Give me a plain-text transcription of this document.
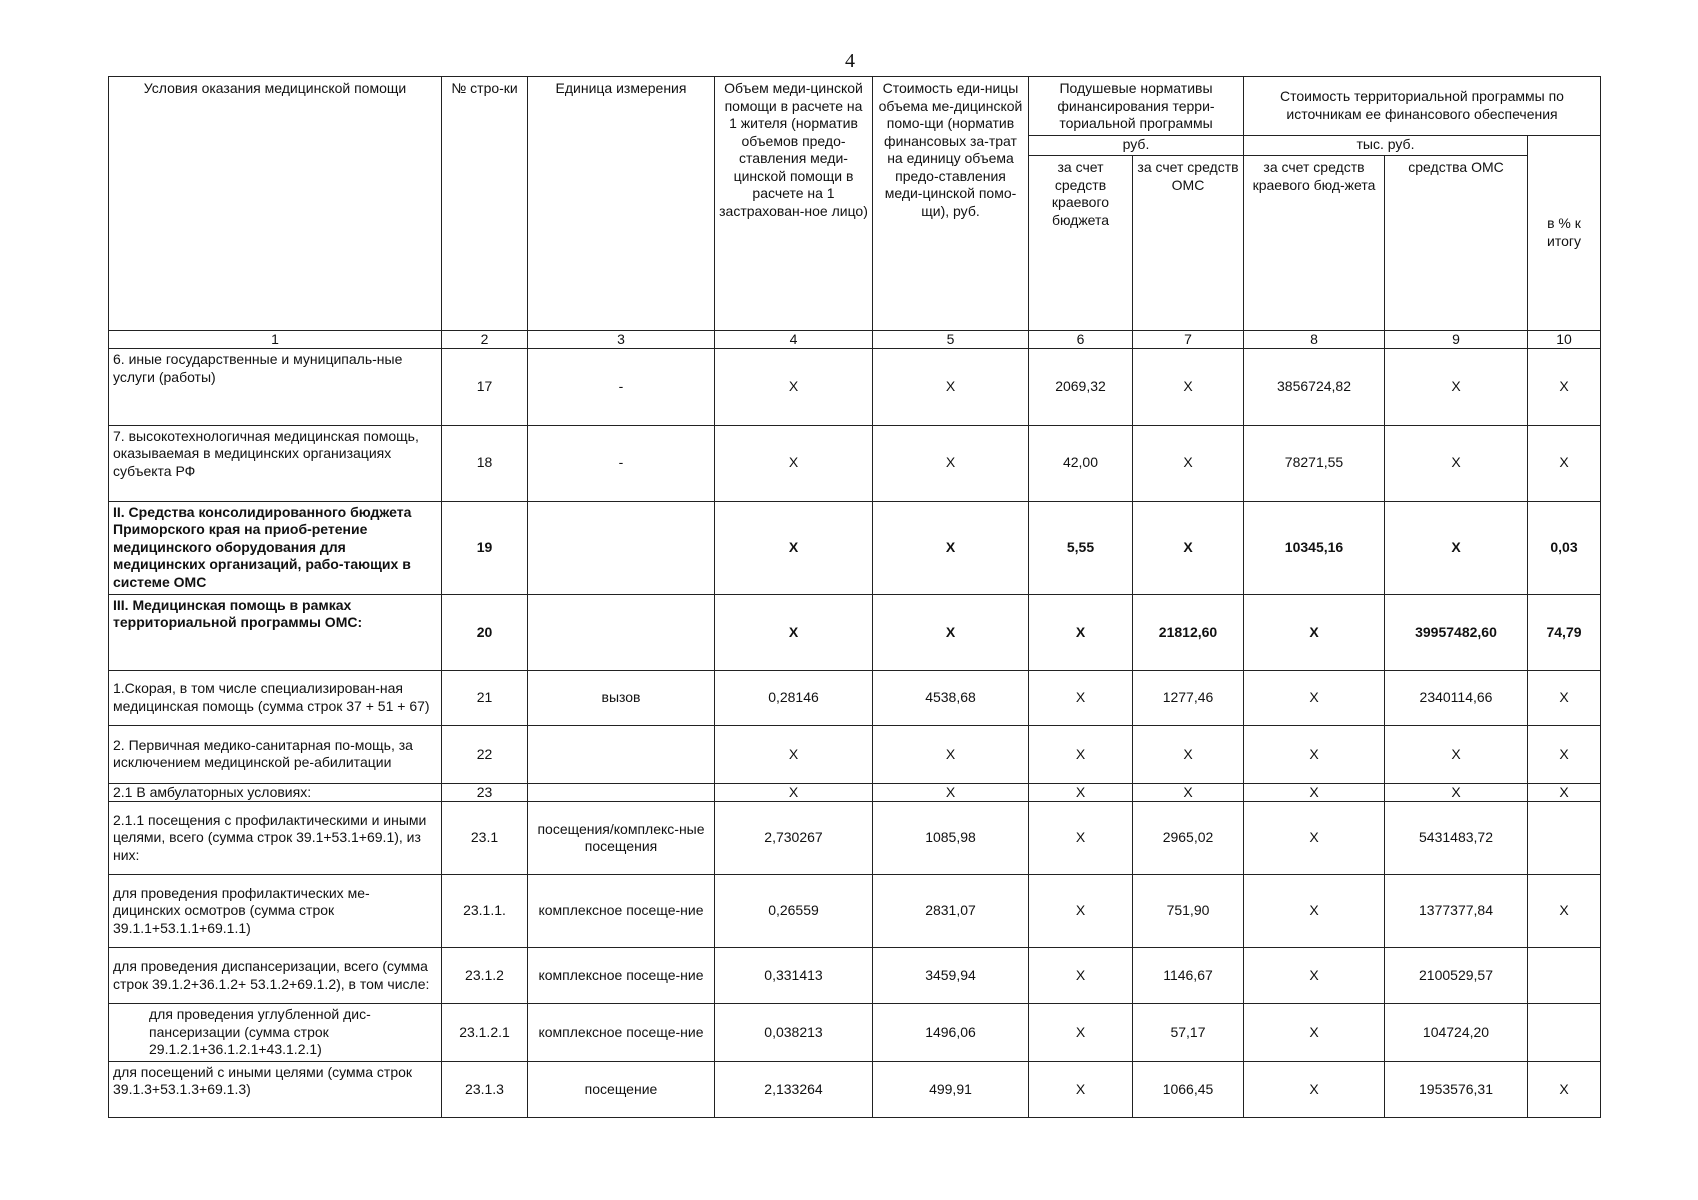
4
Условия оказания медицинской помощи	№ стро-ки	Единица измерения	Объем меди-цинской помощи в расчете на 1 жителя (норматив объемов предо-ставления меди-цинской помощи в расчете на 1 застрахован-ное лицо)	Стоимость еди-ницы объема ме-дицинской помо-щи (норматив финансовых за-трат на единицу объема предо-ставления меди-цинской помо-щи), руб.	Подушевые нормативы финансирования терри-ториальной программы		Стоимость территориальной программы по источникам ее финансового обеспечения		
					руб.		тыс. руб.		в % к итогу
					за счет средств краевого бюджета	за счет средств ОМС	за счет средств краевого бюд-жета	средства ОМС	
1	2	3	4	5	6	7	8	9	10
6. иные государственные и муниципаль-ные услуги (работы)	17	-	Х	Х	2069,32	Х	3856724,82	Х	Х
7. высокотехнологичная медицинская помощь, оказываемая в медицинских организациях субъекта РФ	18	-	Х	Х	42,00	Х	78271,55	Х	Х
II. Средства консолидированного бюджета Приморского края на приоб-ретение медицинского оборудования для медицинских организаций, рабо-тающих в системе ОМС	19		Х	Х	5,55	Х	10345,16	Х	0,03
III. Медицинская помощь в рамках территориальной программы ОМС:	20		Х	Х	Х	21812,60	Х	39957482,60	74,79
1.Скорая, в том числе специализирован-ная медицинская помощь (сумма строк 37 + 51 + 67)	21	вызов	0,28146	4538,68	Х	1277,46	Х	2340114,66	Х
2. Первичная медико-санитарная по-мощь, за исключением медицинской ре-абилитации	22		Х	Х	Х	Х	Х	Х	Х
2.1 В амбулаторных условиях:	23		Х	Х	Х	Х	Х	Х	Х
2.1.1 посещения с профилактическими и иными целями, всего (сумма строк 39.1+53.1+69.1), из них:	23.1	посещения/комплекс-ные посещения	2,730267	1085,98	Х	2965,02	Х	5431483,72	
для проведения профилактических ме-дицинских осмотров (сумма строк 39.1.1+53.1.1+69.1.1)	23.1.1.	комплексное посеще-ние	0,26559	2831,07	Х	751,90	Х	1377377,84	Х
для проведения диспансеризации, всего (сумма строк 39.1.2+36.1.2+ 53.1.2+69.1.2), в том числе:	23.1.2	комплексное посеще-ние	0,331413	3459,94	Х	1146,67	Х	2100529,57	
для проведения углубленной дис-пансеризации (сумма строк 29.1.2.1+36.1.2.1+43.1.2.1)	23.1.2.1	комплексное посеще-ние	0,038213	1496,06	Х	57,17	Х	104724,20	
для посещений с иными целями (сумма строк 39.1.3+53.1.3+69.1.3)	23.1.3	посещение	2,133264	499,91	Х	1066,45	Х	1953576,31	Х
